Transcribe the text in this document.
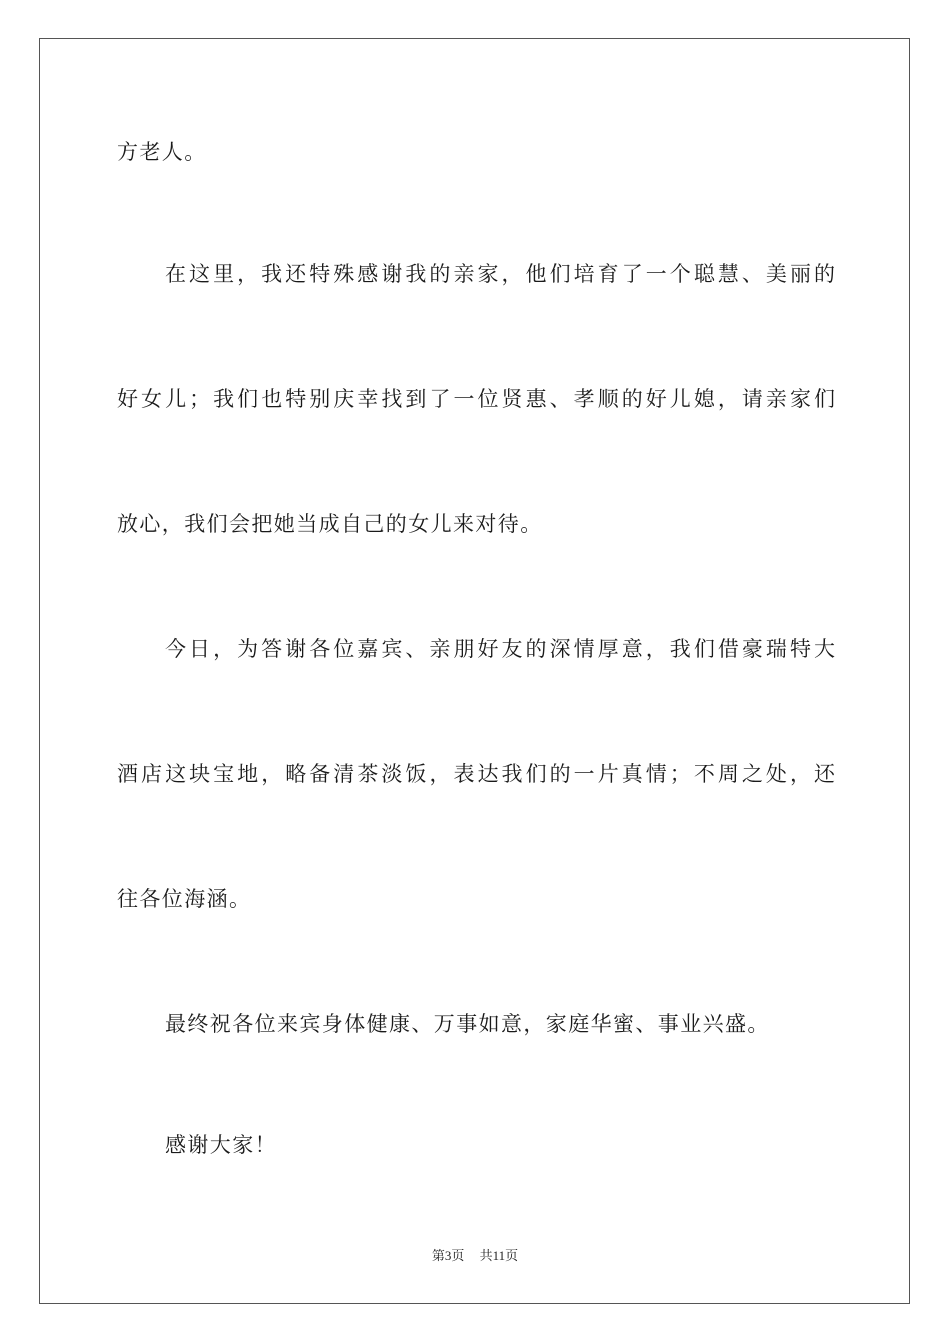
方老人。
在这里，我还特殊感谢我的亲家，他们培育了一个聪慧、美丽的
好女儿；我们也特别庆幸找到了一位贤惠、孝顺的好儿媳，请亲家们
放心，我们会把她当成自己的女儿来对待。
今日，为答谢各位嘉宾、亲朋好友的深情厚意，我们借豪瑞特大
酒店这块宝地，略备清茶淡饭，表达我们的一片真情；不周之处，还
往各位海涵。
最终祝各位来宾身体健康、万事如意，家庭华蜜、事业兴盛。
感谢大家！
第3页 共11页
